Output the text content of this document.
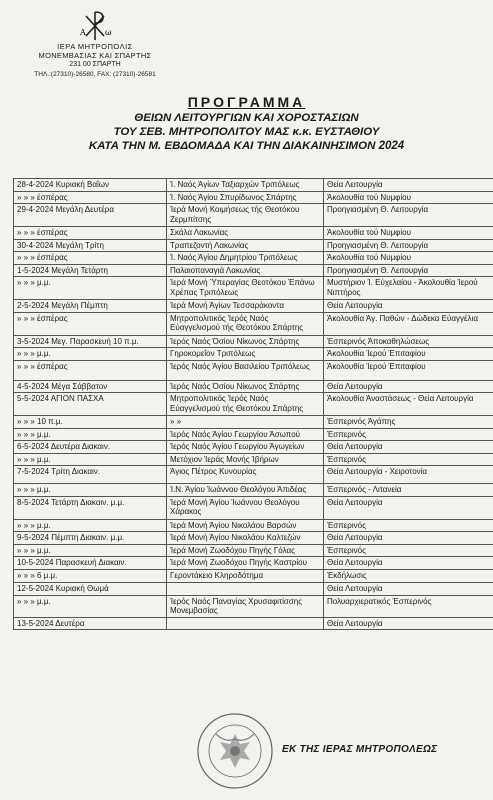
A ω
ΙΕΡΑ ΜΗΤΡΟΠΟΛΙΣ
ΜΟΝΕΜΒΑΣΙΑΣ ΚΑΙ ΣΠΑΡΤΗΣ
231 00 ΣΠΑΡΤΗ
ΤΗΛ.:(27310)-26580, FAX: (27310)-26581
ΠΡΟΓΡΑΜΜΑ
ΘΕΙΩΝ ΛΕΙΤΟΥΡΓΙΩΝ ΚΑΙ ΧΟΡΟΣΤΑΣΙΩΝ
ΤΟΥ ΣΕΒ. ΜΗΤΡΟΠΟΛΙΤΟΥ ΜΑΣ κ.κ. ΕΥΣΤΑΘΙΟΥ
ΚΑΤΑ ΤΗΝ Μ. ΕΒΔΟΜΑΔΑ ΚΑΙ ΤΗΝ ΔΙΑΚΑΙΝΗΣΙΜΟΝ 2024
28-4-2024 Κυριακή Βαΐων	Ί. Ναός Άγίων Ταξιαρχών Τριπόλεως	Θεία Λειτουργία
» » » έσπέρας	Ί. Ναός Άγίου Σπυρίδωνος Σπάρτης	Άκολουθία τού Νυμφίου
29-4-2024 Μεγάλη Δευτέρα	Ίερά Μονή Κοιμήσεως τής Θεοτόκου Ζερμπίτσης	Προηγιασμένη Θ. Λειτουργία
» » » έσπέρας	Σκάλα Λακωνίας	Άκολουθία τού Νυμφίου
30-4-2024 Μεγάλη Τρίτη	Τραπεζοντή Λακωνίας	Προηγιασμένη Θ. Λειτουργία
» » » έσπέρας	Ί. Ναός Άγίου Δημητρίου Τριπόλεως	Άκολουθία τού Νυμφίου
1-5-2024 Μεγάλη Τετάρτη	Παλαιοπαναγιά Λακωνίας	Προηγιασμένη Θ. Λειτουργία
» » » μ.μ.	Ίερά Μονή Ύπεραγίας Θεοτόκου Έπάνω Χρέπας Τριπόλεως	Μυστήριον Ί. Εύχελαίου - Άκολουθία Ίερού Νιπτήρος
2-5-2024 Μεγάλη Πέμπτη	Ίερά Μονή Άγίων Τεσσαράκοντα	Θεία Λειτουργία
» » » έσπέρας	Μητροπολιτικός Ίερός Ναός Εύαγγελισμού τής Θεοτόκου Σπάρτης	Άκολουθία Άγ. Παθών - Δώδεκα Εύαγγέλια
3-5-2024 Μεγ. Παρασκευή 10 π.μ.	Ίερός Ναός Όσίου Νίκωνος Σπάρτης	Έσπερινός Άποκαθηλώσεως
» » » μ.μ.	Γηροκομεΐον Τριπόλεως	Άκολουθία Ίερού Έπιταφίου
» » » έσπέρας	Ίερός Ναός Άγίου Βασιλείου Τριπόλεως	Άκολουθία Ίερού Έπιταφίου
4-5-2024 Μέγα Σάββατον	Ίερός Ναός Όσίου Νίκωνος Σπάρτης	Θεία Λειτουργία
5-5-2024 ΑΓΙΟΝ ΠΑΣΧΑ	Μητροπολιτικός Ίερός Ναός Εύαγγελισμού τής Θεοτόκου Σπάρτης	Άκολουθία Άναστάσεως - Θεία Λειτουργία
» » » 10 π.μ.	» »	Έσπερινός Άγάπης
» » » μ.μ.	Ίερός Ναός Άγίου Γεωργίου Άσωπού	Έσπερινός
6-5-2024 Δευτέρα Διακαιν.	Ίερός Ναός Άγίου Γεωργίου Άγωγείων	Θεία Λειτουργία
» » » μ.μ.	Μετόχιον Ίεράς Μονής Ίβήρων	Έσπερινός
7-5-2024 Τρίτη Διακαιν.	Άγιος Πέτρος Κυνουρίας	Θεία Λειτουργία - Χειροτονία
» » » μ.μ.	Ί.Ν. Άγίου Ίωάννου Θεολόγου Άπιδέας	Έσπερινός - Λιτανεία
8-5-2024 Τετάρτη Διακαιν. μ.μ.	Ίερά Μονή Άγίου Ίωάννου Θεολόγου Χάρακος	Θεία Λειτουργία
» » » μ.μ.	Ίερά Μονή Άγίου Νικολάου Βαρσών	Έσπερινός
9-5-2024 Πέμπτη Διακαιν. μ.μ.	Ίερά Μονή Άγίου Νικολάου Καλτεζών	Θεία Λειτουργία
» » » μ.μ.	Ίερά Μονή Ζωοδόχου Πηγής Γόλας	Έσπερινός
10-5-2024 Παρασκευή Διακαιν.	Ίερά Μονή Ζωοδόχου Πηγής Καστρίου	Θεία Λειτουργία
» » » 6 μ.μ.	Γεροντάκειο Κληροδότημα	Έκδήλωσις
12-5-2024 Κυριακή Θωμά		Θεία Λειτουργία
» » » μ.μ.	Ίερός Ναός Παναγίας Χρυσαφιτίσσης Μονεμβασίας	Πολυαρχιερατικός Έσπερινός
13-5-2024 Δευτέρα		Θεία Λειτουργία
ΕΚ ΤΗΣ ΙΕΡΑΣ ΜΗΤΡΟΠΟΛΕΩΣ
